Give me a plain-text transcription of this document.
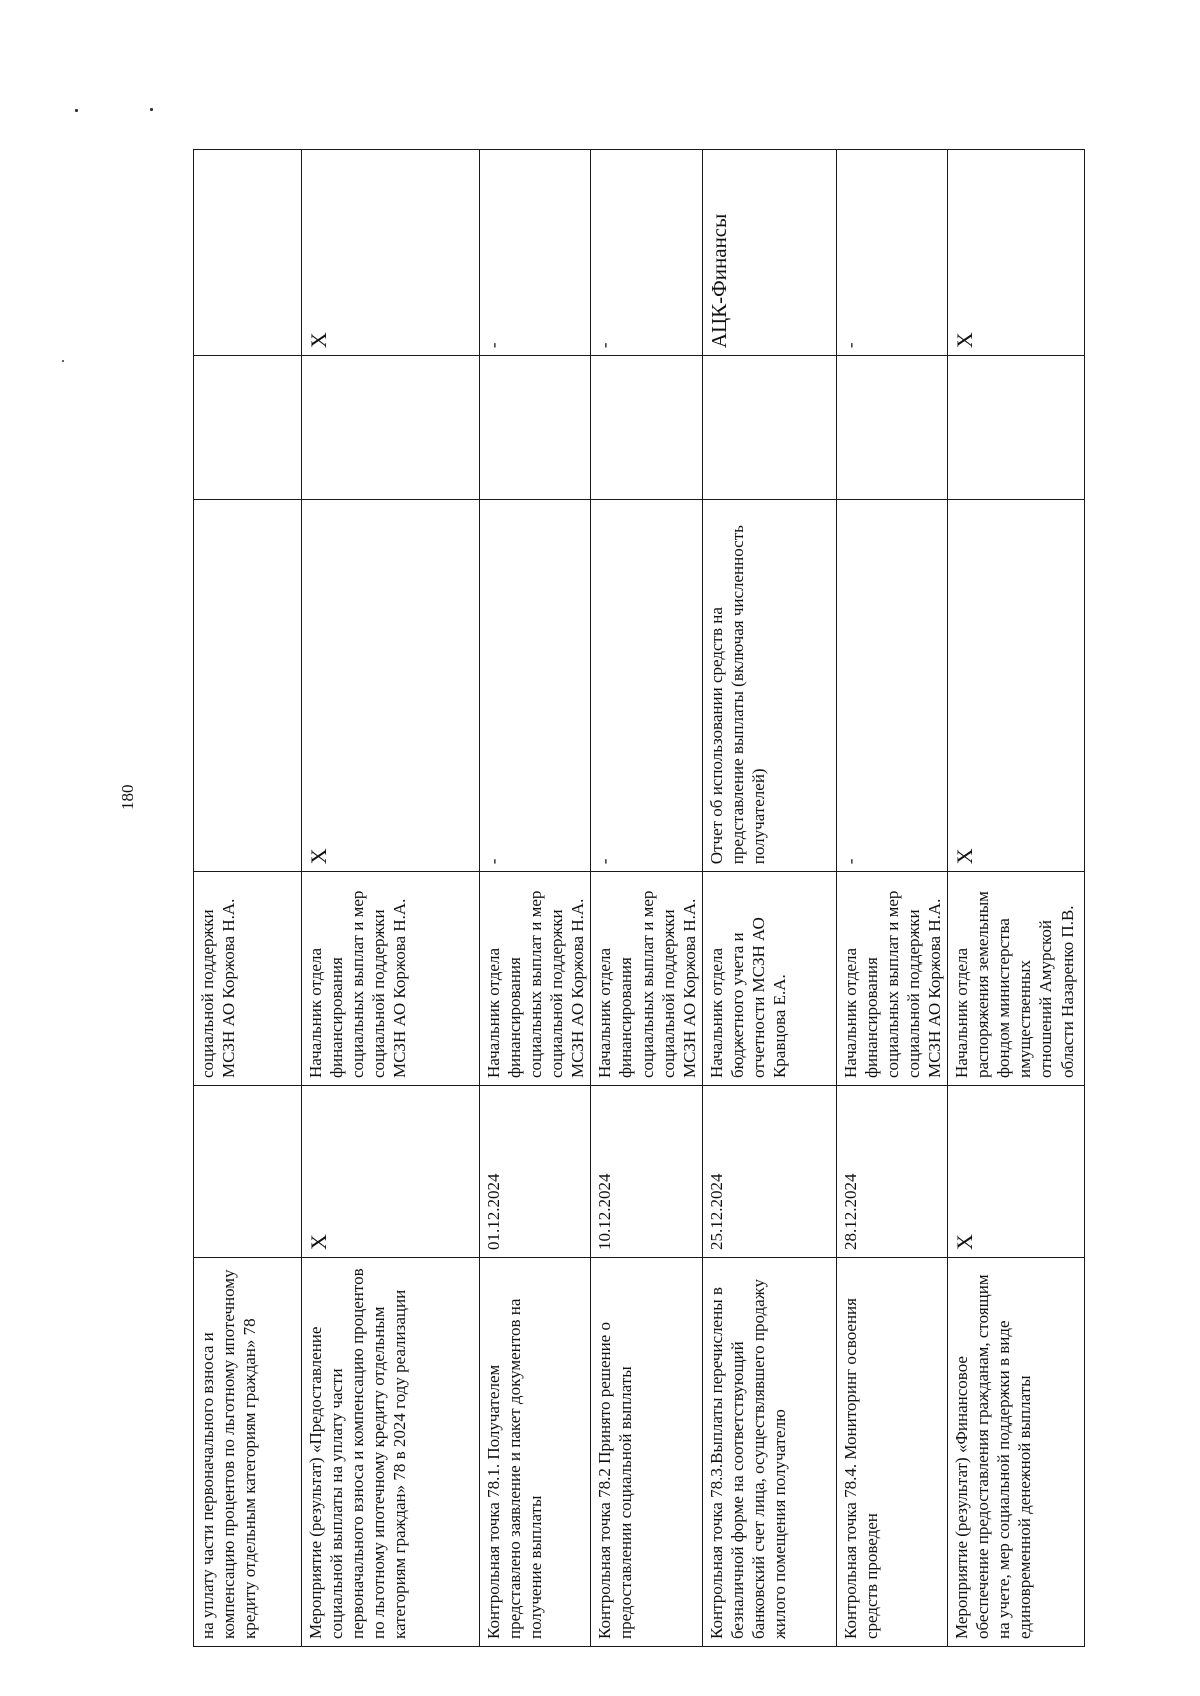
180
на уплату части первоначального взноса и компенсацию процентов по льготному ипотечному кредиту отдельным категориям граждан» 78		социальной поддержки МСЗН АО Коржова Н.А.			
Мероприятие (результат) «Предоставление социальной выплаты на уплату части первоначального взноса и компенсацию процентов по льготному ипотечному кредиту отдельным категориям граждан» 78 в 2024 году реализации	X	Начальник отдела финансирования социальных выплат и мер социальной поддержки МСЗН АО Коржова Н.А.	X		X
Контрольная точка 78.1. Получателем представлено заявление и пакет документов на получение выплаты	01.12.2024	Начальник отдела финансирования социальных выплат и мер социальной поддержки МСЗН АО Коржова Н.А.	-		-
Контрольная точка 78.2 Принято решение о предоставлении социальной выплаты	10.12.2024	Начальник отдела финансирования социальных выплат и мер социальной поддержки МСЗН АО Коржова Н.А.	-		-
Контрольная точка 78.3.Выплаты перечислены в безналичной форме на соответствующий банковский счет лица, осуществлявшего продажу жилого помещения получателю	25.12.2024	Начальник отдела бюджетного учета и отчетности МСЗН АО Кравцова Е.А.	Отчет об использовании средств на представление выплаты (включая численность получателей)		АЦК-Финансы
Контрольная точка 78.4. Мониторинг освоения средств проведен	28.12.2024	Начальник отдела финансирования социальных выплат и мер социальной поддержки МСЗН АО Коржова Н.А.	-		-
Мероприятие (результат) «Финансовое обеспечение предоставления гражданам, стоящим на учете, мер социальной поддержки в виде единовременной денежной выплаты	X	Начальник отдела распоряжения земельным фондом министерства имущественных отношений Амурской области Назаренко П.В.	X		X
